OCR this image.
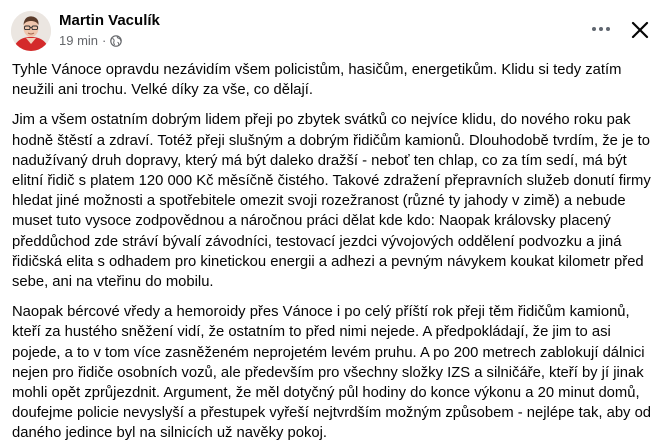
Martin Vaculík
19 min ·

Tyhle Vánoce opravdu nezávidím všem policistům, hasičům, energetikům. Klidu si tedy zatím neužili ani trochu. Velké díky za vše, co dělají.

Jim a všem ostatním dobrým lidem přeji po zbytek svátků co nejvíce klidu, do nového roku pak hodně štěstí a zdraví. Totéž přeji slušným a dobrým řidičům kamionů. Dlouhodobě tvrdím, že je to nadužívaný druh dopravy, který má být daleko dražší - neboť ten chlap, co za tím sedí, má být elitní řidič s platem 120 000 Kč měsíčně čistého. Takové zdražení přepravních služeb donutí firmy hledat jiné možnosti a spotřebitele omezit svoji rozežranost (různé ty jahody v zimě) a nebude muset tuto vysoce zodpovědnou a náročnou práci dělat kde kdo: Naopak královsky placený předdůchod zde stráví bývalí závodníci, testovací jezdci vývojových oddělení podvozku a jiná řidičská elita s odhadem pro kinetickou energii a adhezi a pevným návykem koukat kilometr před sebe, ani na vteřinu do mobilu.

Naopak bércové vředy a hemoroidy přes Vánoce i po celý příští rok přeji těm řidičům kamionů, kteří za hustého sněžení vidí, že ostatním to před nimi nejede. A předpokládají, že jim to asi pojede, a to v tom více zasněženém neprojetém levém pruhu. A po 200 metrech zablokují dálnici nejen pro řidiče osobních vozů, ale především pro všechny složky IZS a silničáře, kteří by jí jinak mohli opět zprůjezdnit. Argument, že měl dotyčný půl hodiny do konce výkonu a 20 minut domů, doufejme policie nevyslyší a přestupek vyřeší nejtvrdším možným způsobem - nejlépe tak, aby od daného jedince byl na silnicích už navěky pokoj.
